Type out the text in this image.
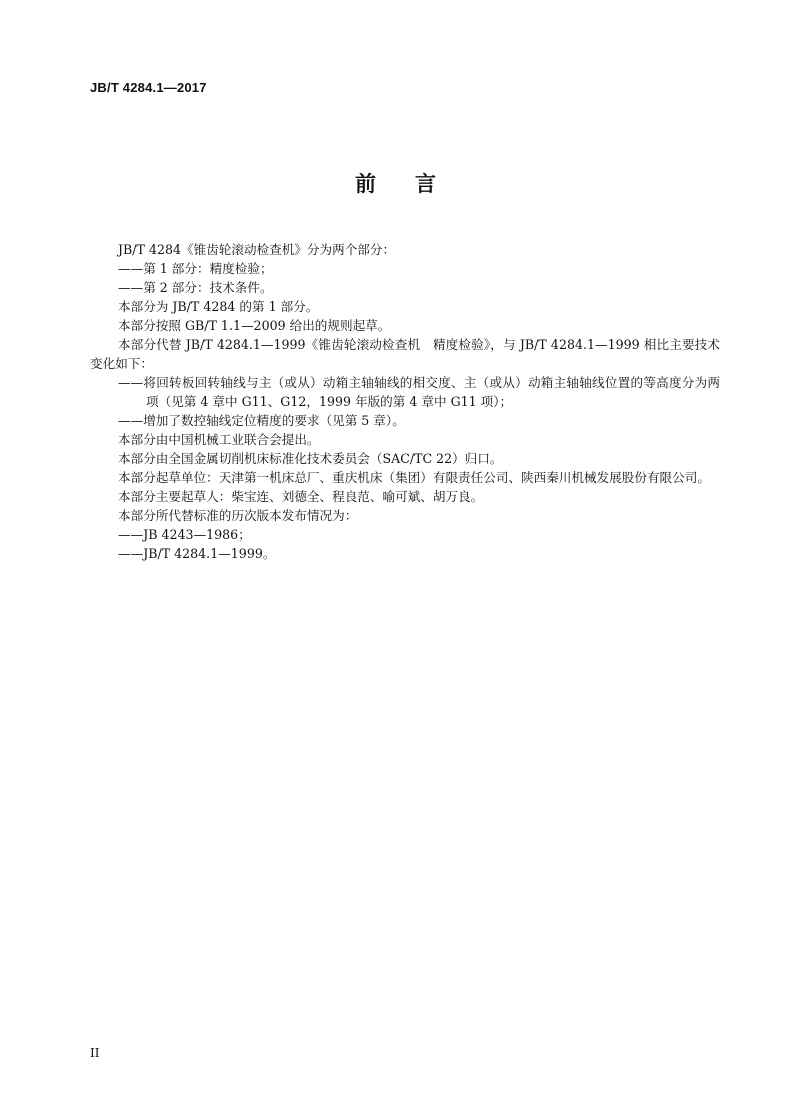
JB/T 4284.1—2017
前 言

JB/T 4284《锥齿轮滚动检查机》分为两个部分：

——第 1 部分：精度检验；

——第 2 部分：技术条件。

本部分为 JB/T 4284 的第 1 部分。

本部分按照 GB/T 1.1—2009 给出的规则起草。

本部分代替 JB/T 4284.1—1999《锥齿轮滚动检查机　精度检验》，与 JB/T 4284.1—1999 相比主要技术变化如下：

——将回转板回转轴线与主（或从）动箱主轴轴线的相交度、主（或从）动箱主轴轴线位置的等高度分为两项（见第 4 章中 G11、G12，1999 年版的第 4 章中 G11 项）；

——增加了数控轴线定位精度的要求（见第 5 章）。

本部分由中国机械工业联合会提出。

本部分由全国金属切削机床标准化技术委员会（SAC/TC 22）归口。

本部分起草单位：天津第一机床总厂、重庆机床（集团）有限责任公司、陕西秦川机械发展股份有限公司。

本部分主要起草人：柴宝连、刘德全、程良范、喻可斌、胡万良。

本部分所代替标准的历次版本发布情况为：

——JB 4243—1986；

——JB/T 4284.1—1999。

II
